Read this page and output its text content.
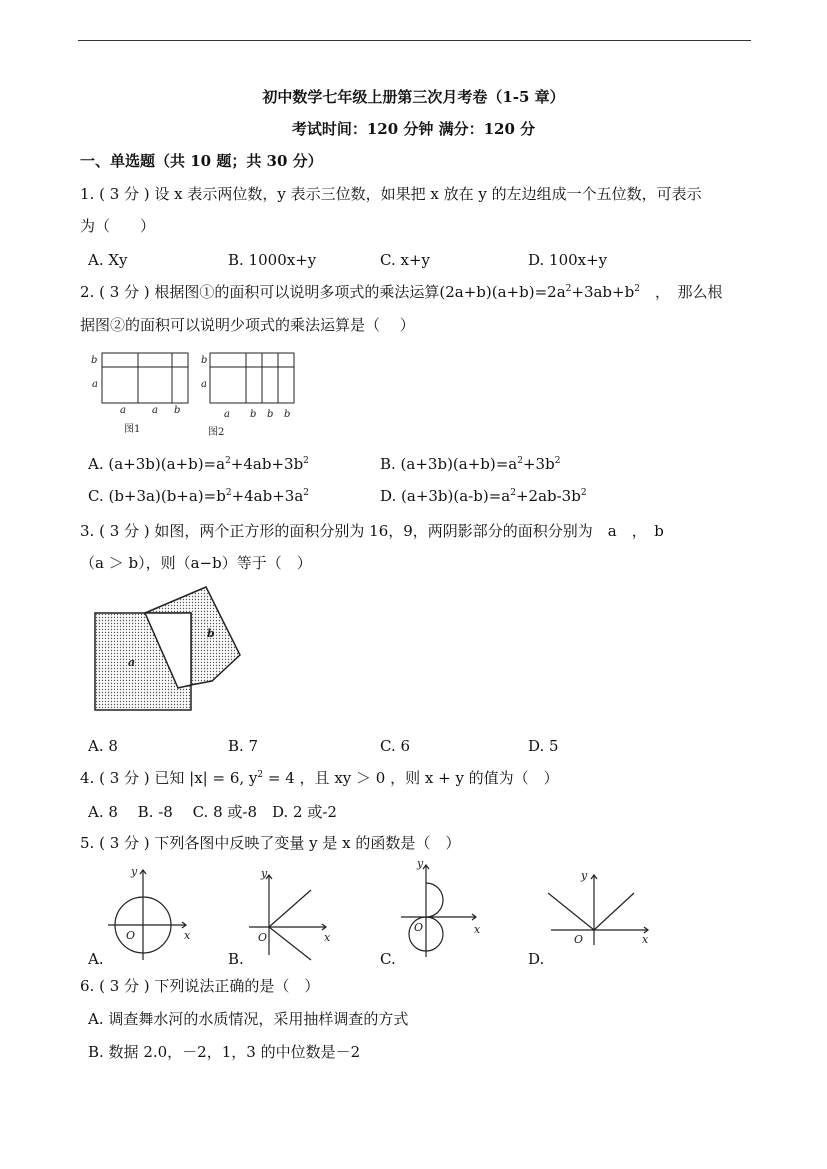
初中数学七年级上册第三次月考卷（1-5 章）
考试时间：120 分钟 满分：120 分
一、单选题（共 10 题；共 30 分）
1. ( 3 分 ) 设 x 表示两位数，y 表示三位数，如果把 x 放在 y 的左边组成一个五位数，可表示
为（　　）
A. Xy	B. 1000x+y	C. x+y	D. 100x+y
2. ( 3 分 ) 根据图①的面积可以说明多项式的乘法运算$(2a+b)(a+b)=2a^2+3ab+b^2$　，　那么根
据图②的面积可以说明少项式的乘法运算是（　 ）
b
a
b
a
a	a b	a b b b
图1	图2
A. $(a+3b)(a+b)=a^2+4ab+3b^2$	B. $(a+3b)(a+b)=a^2+3b^2$
C. $(b+3a)(b+a)=b^2+4ab+3a^2$	D. $(a+3b)(a-b)=a^2+2ab-3b^2$
3. ( 3 分 ) 如图，两个正方形的面积分别为 16，9，两阴影部分的面积分别为　a　，　b
（a ＞ b），则（a−b）等于（　）
a
b
A. 8	B. 7	C. 6	D. 5
4. ( 3 分 ) 已知 |x| = 6, $y^2 = 4$ ，且 xy ＞ 0 ，则 x + y 的值为（　）
A. 8　 B. -8　 C. 8 或-8　D. 2 或-2
5. ( 3 分 ) 下列各图中反映了变量 y 是 x 的函数是（　）
y
x
O
y
x
O
y
x
O
y
x
O
A.	B.	C.	D.
6. ( 3 分 ) 下列说法正确的是（　）
A. 调查舞水河的水质情况，采用抽样调查的方式
B. 数据 2.0，－2，1，3 的中位数是－2
